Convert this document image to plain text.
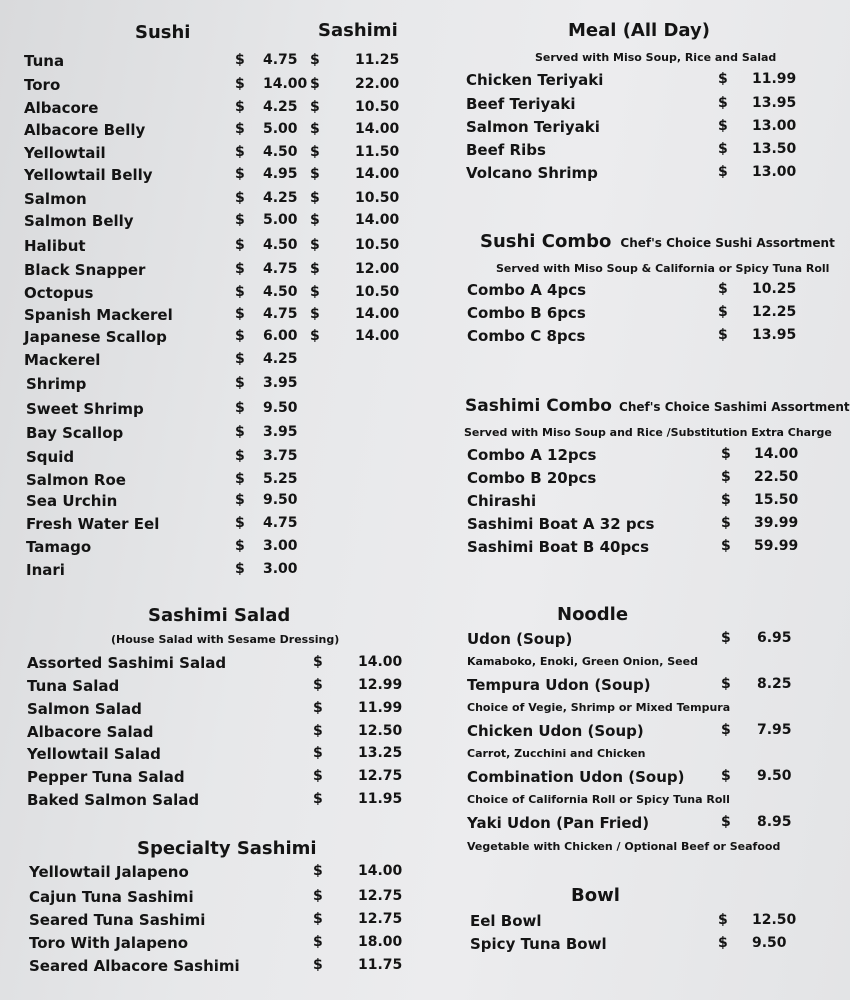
Sushi	Sashimi
Tuna	$ 4.75 $	11.25
Toro	$ 14.00 $	22.00
Albacore	$ 4.25 $	10.50
Albacore Belly	$ 5.00 $	14.00
Yellowtail	$ 4.50 $	11.50
Yellowtail Belly	$ 4.95 $	14.00
Salmon	$ 4.25 $	10.50
Salmon Belly	$ 5.00 $	14.00
Halibut	$ 4.50 $	10.50
Black Snapper	$ 4.75 $	12.00
Octopus	$ 4.50 $	10.50
Spanish Mackerel	$ 4.75 $	14.00
Japanese Scallop	$ 6.00 $	14.00
Mackerel	$ 4.25
Shrimp	$ 3.95
Sweet Shrimp	$ 9.50
Bay Scallop	$ 3.95
Squid	$ 3.75
Salmon Roe	$ 5.25
Sea Urchin	$ 9.50
Fresh Water Eel	$ 4.75
Tamago	$ 3.00
Inari	$ 3.00
Sashimi Salad
(House Salad with Sesame Dressing)
Assorted Sashimi Salad	$	14.00
Tuna Salad	$	12.99
Salmon Salad	$	11.99
Albacore Salad	$	12.50
Yellowtail Salad	$	13.25
Pepper Tuna Salad	$	12.75
Baked Salmon Salad	$	11.95
Specialty Sashimi
Yellowtail Jalapeno	$	14.00
Cajun Tuna Sashimi	$	12.75
Seared Tuna Sashimi	$	12.75
Toro With Jalapeno	$	18.00
Seared Albacore Sashimi	$	11.75
Meal (All Day)
Served with Miso Soup, Rice and Salad
Chicken Teriyaki	$ 11.99
Beef Teriyaki	$ 13.95
Salmon Teriyaki	$ 13.00
Beef Ribs	$ 13.50
Volcano Shrimp	$ 13.00
Sushi Combo Chef's Choice Sushi Assortment
Served with Miso Soup & California or Spicy Tuna Roll
Combo A 4pcs	$ 10.25
Combo B 6pcs	$ 12.25
Combo C 8pcs	$ 13.95
Sashimi Combo Chef's Choice Sashimi Assortment
Served with Miso Soup and Rice /Substitution Extra Charge
Combo A 12pcs	$ 14.00
Combo B 20pcs	$ 22.50
Chirashi	$ 15.50
Sashimi Boat A 32 pcs	$ 39.99
Sashimi Boat B 40pcs	$ 59.99
Noodle
Udon (Soup)	$ 6.95
Kamaboko, Enoki, Green Onion, Seed
Tempura Udon (Soup)	$ 8.25
Choice of Vegie, Shrimp or Mixed Tempura
Chicken Udon (Soup)	$ 7.95
Carrot, Zucchini and Chicken
Combination Udon (Soup)	$ 9.50
Choice of California Roll or Spicy Tuna Roll
Yaki Udon (Pan Fried)	$ 8.95
Vegetable with Chicken / Optional Beef or Seafood
Bowl
Eel Bowl	$ 12.50
Spicy Tuna Bowl	$ 9.50
